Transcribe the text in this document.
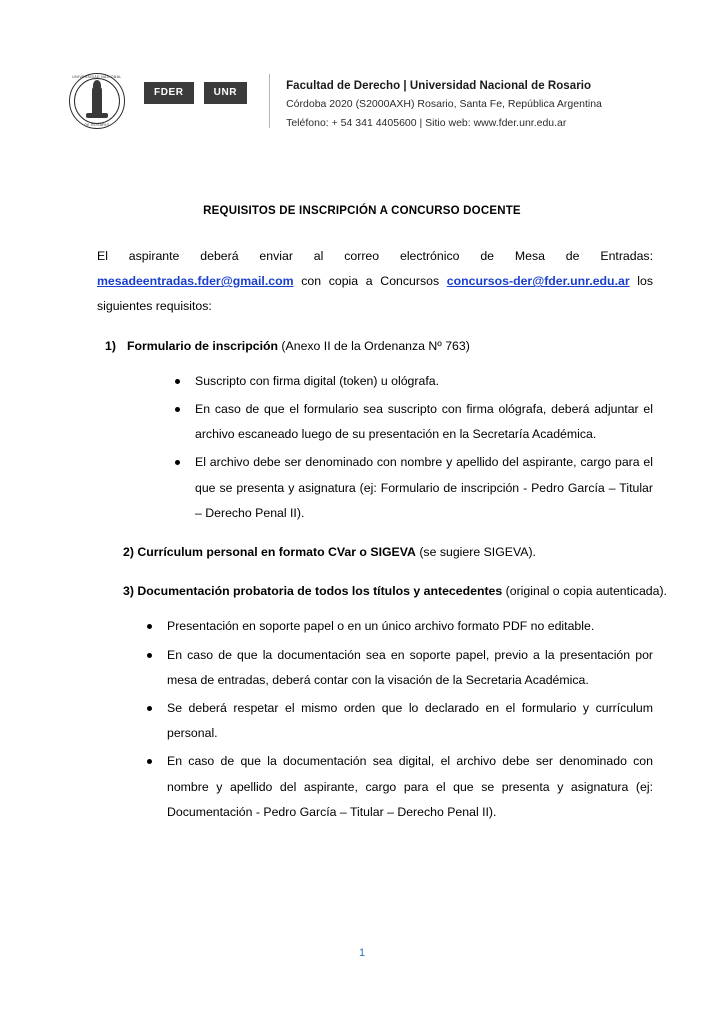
UNIVERSIDAD NACIONAL
DE ROSARIO
FDER	UNR
Facultad de Derecho | Universidad Nacional de Rosario
Córdoba 2020 (S2000AXH) Rosario, Santa Fe, República Argentina
Teléfono: + 54 341 4405600 | Sitio web: www.fder.unr.edu.ar
REQUISITOS DE INSCRIPCIÓN A CONCURSO DOCENTE

El aspirante deberá enviar al correo electrónico de Mesa de Entradas: mesadeentradas.fder@gmail.com con copia a Concursos concursos-der@fder.unr.edu.ar los siguientes requisitos:

1) Formulario de inscripción (Anexo II de la Ordenanza Nº 763)
Suscripto con firma digital (token) u ológrafa.
En caso de que el formulario sea suscripto con firma ológrafa, deberá adjuntar el archivo escaneado luego de su presentación en la Secretaría Académica.
El archivo debe ser denominado con nombre y apellido del aspirante, cargo para el que se presenta y asignatura (ej: Formulario de inscripción - Pedro García – Titular – Derecho Penal II).
2) Currículum personal en formato CVar o SIGEVA (se sugiere SIGEVA).
3) Documentación probatoria de todos los títulos y antecedentes (original o copia autenticada).
Presentación en soporte papel o en un único archivo formato PDF no editable.
En caso de que la documentación sea en soporte papel, previo a la presentación por mesa de entradas, deberá contar con la visación de la Secretaria Académica.
Se deberá respetar el mismo orden que lo declarado en el formulario y currículum personal.
En caso de que la documentación sea digital, el archivo debe ser denominado con nombre y apellido del aspirante, cargo para el que se presenta y asignatura (ej: Documentación - Pedro García – Titular – Derecho Penal II).
1
